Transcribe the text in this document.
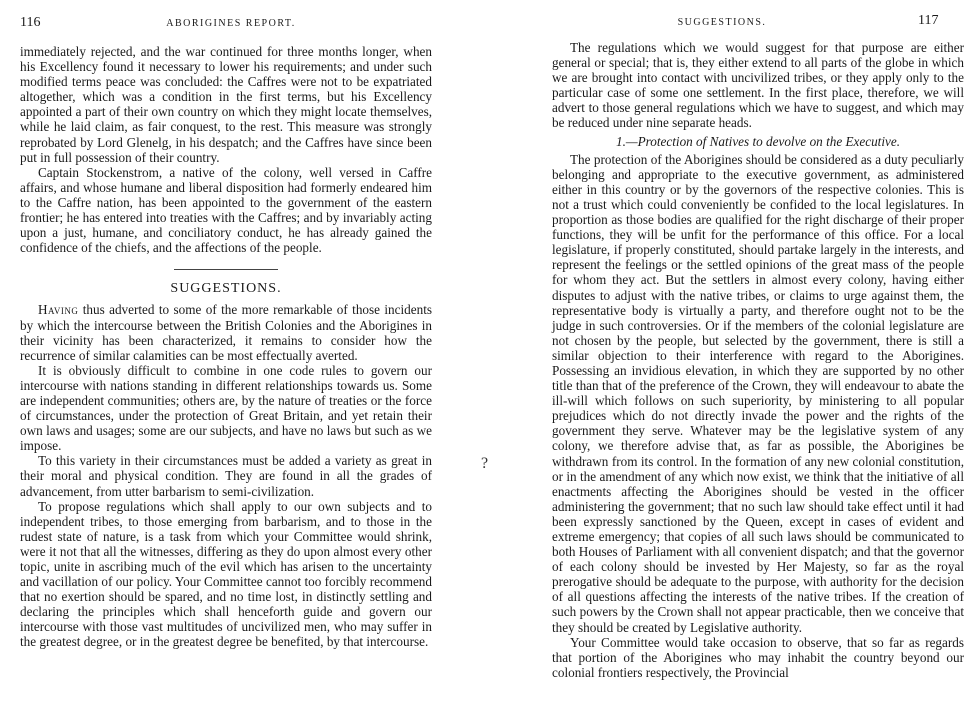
116	ABORIGINES REPORT.

immediately rejected, and the war continued for three months longer, when his Excellency found it necessary to lower his requirements; and under such modified terms peace was concluded: the Caffres were not to be expatriated altogether, which was a condition in the first terms, but his Excellency appointed a part of their own country on which they might locate themselves, while he laid claim, as fair conquest, to the rest. This measure was strongly reprobated by Lord Glenelg, in his despatch; and the Caffres have since been put in full possession of their country.

Captain Stockenstrom, a native of the colony, well versed in Caffre affairs, and whose humane and liberal disposition had formerly endeared him to the Caffre nation, has been appointed to the government of the eastern frontier; he has entered into treaties with the Caffres; and by invariably acting upon a just, humane, and conciliatory conduct, he has already gained the confidence of the chiefs, and the affections of the people.

SUGGESTIONS.

Having thus adverted to some of the more remarkable of those incidents by which the intercourse between the British Colonies and the Aborigines in their vicinity has been characterized, it remains to consider how the recurrence of similar calamities can be most effectually averted.

It is obviously difficult to combine in one code rules to govern our intercourse with nations standing in different relationships towards us. Some are independent communities; others are, by the nature of treaties or the force of circumstances, under the protection of Great Britain, and yet retain their own laws and usages; some are our subjects, and have no laws but such as we impose.

To this variety in their circumstances must be added a variety as great in their moral and physical condition. They are found in all the grades of advancement, from utter barbarism to semi-civilization.

To propose regulations which shall apply to our own subjects and to independent tribes, to those emerging from barbarism, and to those in the rudest state of nature, is a task from which your Committee would shrink, were it not that all the witnesses, differing as they do upon almost every other topic, unite in ascribing much of the evil which has arisen to the uncertainty and vacillation of our policy. Your Committee cannot too forcibly recommend that no exertion should be spared, and no time lost, in distinctly settling and declaring the principles which shall henceforth guide and govern our intercourse with those vast multitudes of uncivilized men, who may suffer in the greatest degree, or in the greatest degree be benefited, by that intercourse.

?
SUGGESTIONS.	117

The regulations which we would suggest for that purpose are either general or special; that is, they either extend to all parts of the globe in which we are brought into contact with uncivilized tribes, or they apply only to the particular case of some one settlement. In the first place, therefore, we will advert to those general regulations which we have to suggest, and which may be reduced under nine separate heads.

1.—Protection of Natives to devolve on the Executive.

The protection of the Aborigines should be considered as a duty peculiarly belonging and appropriate to the executive government, as administered either in this country or by the governors of the respective colonies. This is not a trust which could conveniently be confided to the local legislatures. In proportion as those bodies are qualified for the right discharge of their proper functions, they will be unfit for the performance of this office. For a local legislature, if properly constituted, should partake largely in the interests, and represent the feelings or the settled opinions of the great mass of the people for whom they act. But the settlers in almost every colony, having either disputes to adjust with the native tribes, or claims to urge against them, the representative body is virtually a party, and therefore ought not to be the judge in such controversies. Or if the members of the colonial legislature are not chosen by the people, but selected by the government, there is still a similar objection to their interference with regard to the Aborigines. Possessing an invidious elevation, in which they are supported by no other title than that of the preference of the Crown, they will endeavour to abate the ill-will which follows on such superiority, by ministering to all popular prejudices which do not directly invade the power and the rights of the government they serve. Whatever may be the legislative system of any colony, we therefore advise that, as far as possible, the Aborigines be withdrawn from its control. In the formation of any new colonial constitution, or in the amendment of any which now exist, we think that the initiative of all enactments affecting the Aborigines should be vested in the officer administering the government; that no such law should take effect until it had been expressly sanctioned by the Queen, except in cases of evident and extreme emergency; that copies of all such laws should be communicated to both Houses of Parliament with all convenient dispatch; and that the governor of each colony should be invested by Her Majesty, so far as the royal prerogative should be adequate to the purpose, with authority for the decision of all questions affecting the interests of the native tribes. If the creation of such powers by the Crown shall not appear practicable, then we conceive that they should be created by Legislative authority.

Your Committee would take occasion to observe, that so far as regards that portion of the Aborigines who may inhabit the country beyond our colonial frontiers respectively, the Provincial
